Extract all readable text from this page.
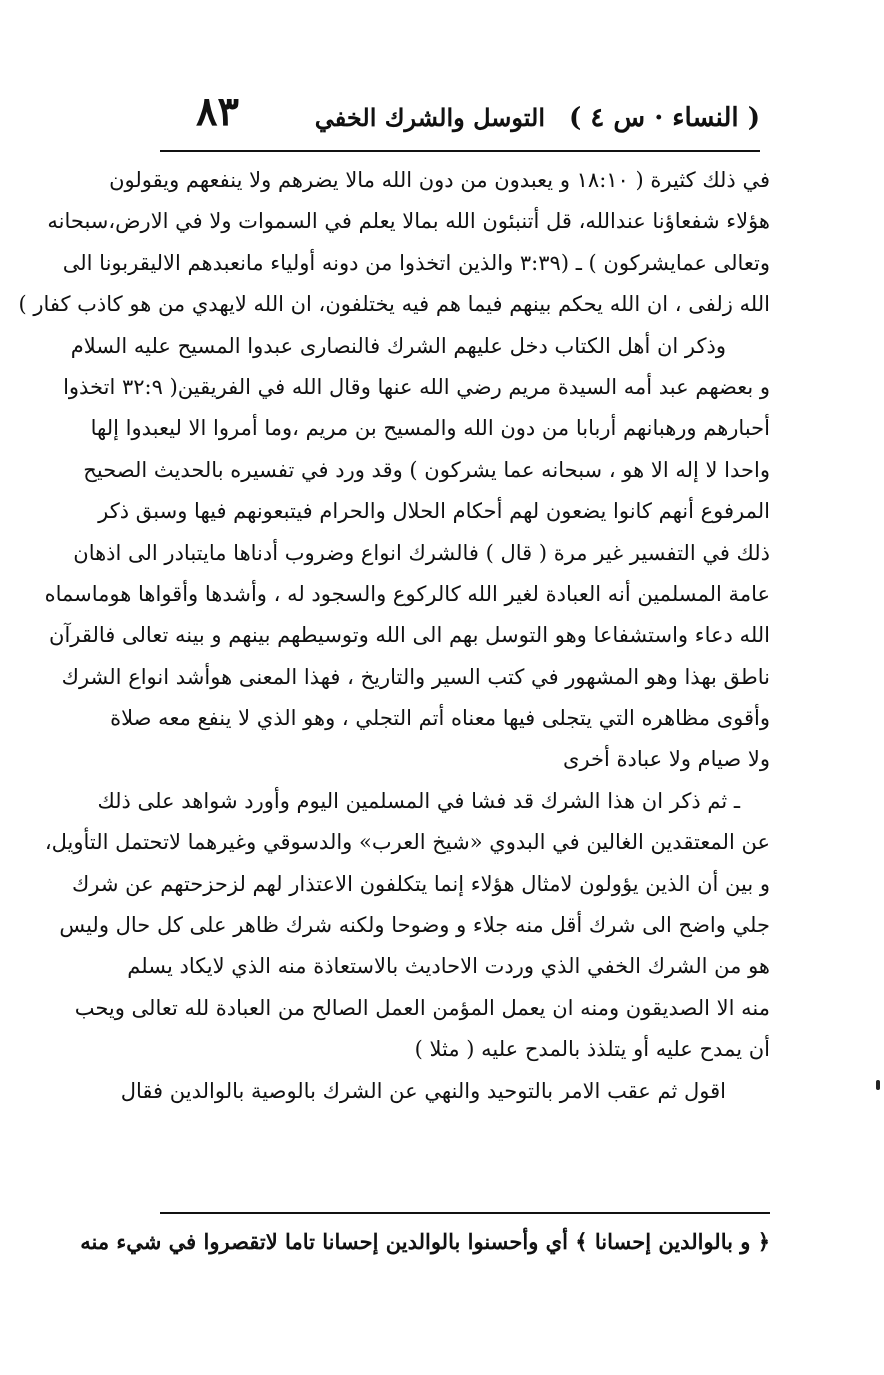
( النساء · س ٤ )
التوسل والشرك الخفي
٨٣
في ذلك كثيرة ( ١٨:١٠ و يعبدون من دون الله مالا يضرهم ولا ينفعهم ويقولون
هؤلاء شفعاؤنا عندالله، قل أتنبئون الله بمالا يعلم في السموات ولا في الارض،سبحانه
وتعالى عمايشركون ) ـ (٣:٣٩ والذين اتخذوا من دونه أولياء مانعبدهم الاليقربونا الى
الله زلفى ، ان الله يحكم بينهم فيما هم فيه يختلفون، ان الله لايهدي من هو كاذب كفار )
وذكر ان أهل الكتاب دخل عليهم الشرك فالنصارى عبدوا المسيح عليه السلام
و بعضهم عبد أمه السيدة مريم رضي الله عنها وقال الله في الفريقين( ٣٢:٩ اتخذوا
أحبارهم ورهبانهم أربابا من دون الله والمسيح بن مريم ،وما أمروا الا ليعبدوا إلها
واحدا لا إله الا هو ، سبحانه عما يشركون ) وقد ورد في تفسيره بالحديث الصحيح
المرفوع أنهم كانوا يضعون لهم أحكام الحلال والحرام فيتبعونهم فيها وسبق ذكر
ذلك في التفسير غير مرة ( قال ) فالشرك انواع وضروب أدناها مايتبادر الى اذهان
عامة المسلمين أنه العبادة لغير الله كالركوع والسجود له ، وأشدها وأقواها هوماسماه
الله دعاء واستشفاعا وهو التوسل بهم الى الله وتوسيطهم بينهم و بينه تعالى فالقرآن
ناطق بهذا وهو المشهور في كتب السير والتاريخ ، فهذا المعنى هوأشد انواع الشرك
وأقوى مظاهره التي يتجلى فيها معناه أتم التجلي ، وهو الذي لا ينفع معه صلاة
ولا صيام ولا عبادة أخرى
ـ ثم ذكر ان هذا الشرك قد فشا في المسلمين اليوم وأورد شواهد على ذلك
عن المعتقدين الغالين في البدوي «شيخ العرب» والدسوقي وغيرهما لاتحتمل التأويل،
و بين أن الذين يؤولون لامثال هؤلاء إنما يتكلفون الاعتذار لهم لزحزحتهم عن شرك
جلي واضح الى شرك أقل منه جلاء و وضوحا ولكنه شرك ظاهر على كل حال وليس
هو من الشرك الخفي الذي وردت الاحاديث بالاستعاذة منه الذي لايكاد يسلم
منه الا الصديقون ومنه ان يعمل المؤمن العمل الصالح من العبادة لله تعالى ويحب
أن يمدح عليه أو يتلذذ بالمدح عليه ( مثلا )
اقول ثم عقب الامر بالتوحيد والنهي عن الشرك بالوصية بالوالدين فقال
﴿ و بالوالدين إحسانا ﴾ أي وأحسنوا بالوالدين إحسانا تاما لاتقصروا في شيء منه
